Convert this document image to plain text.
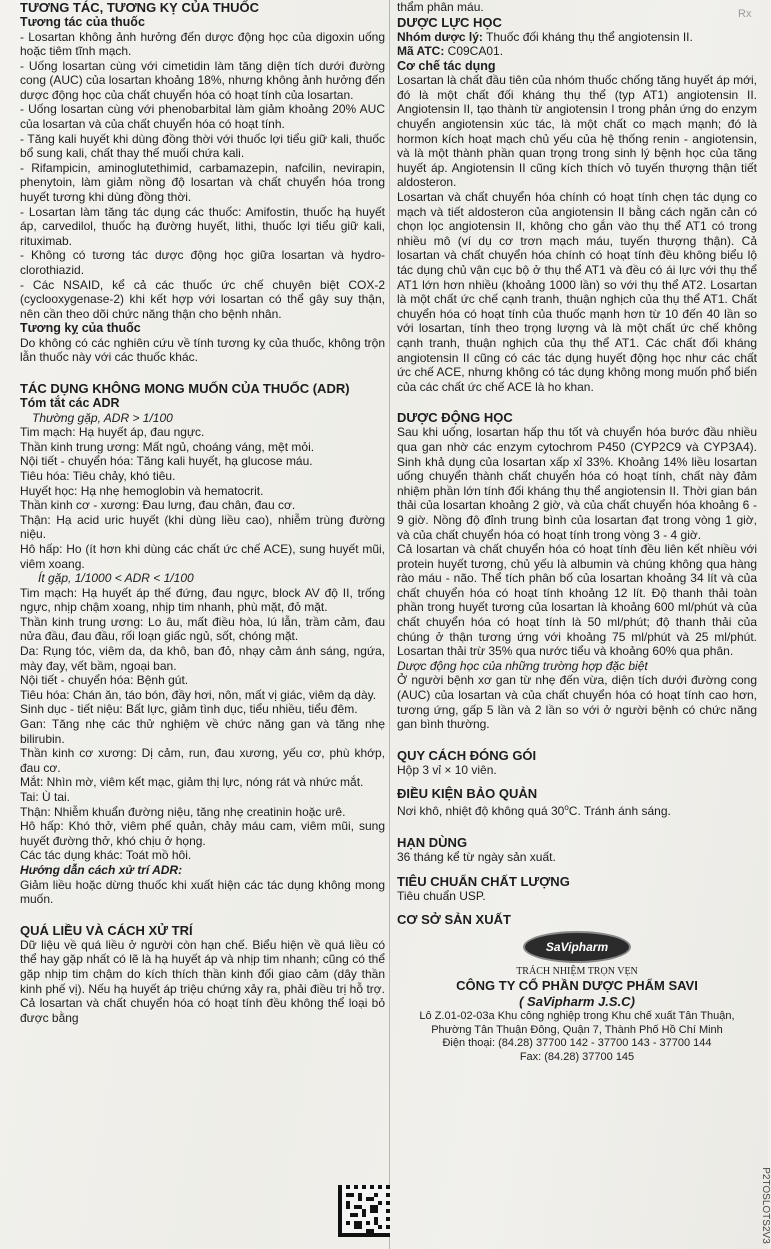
Rx

TƯƠNG TÁC, TƯƠNG KỴ CỦA THUỐC

Tương tác của thuốc

- Losartan không ảnh hưởng đến dược động học của digoxin uống hoặc tiêm tĩnh mạch.

- Uống losartan cùng với cimetidin làm tăng diện tích dưới đường cong (AUC) của losartan khoảng 18%, nhưng không ảnh hưởng đến dược động học của chất chuyển hóa có hoạt tính của losartan.

- Uống losartan cùng với phenobarbital làm giảm khoảng 20% AUC của losartan và của chất chuyển hóa có hoạt tính.

- Tăng kali huyết khi dùng đồng thời với thuốc lợi tiểu giữ kali, thuốc bổ sung kali, chất thay thế muối chứa kali.

- Rifampicin, aminoglutethimid, carbamazepin, nafcilin, nevirapin, phenytoin, làm giảm nồng độ losartan và chất chuyển hóa trong huyết tương khi dùng đồng thời.

- Losartan làm tăng tác dụng các thuốc: Amifostin, thuốc hạ huyết áp, carvedilol, thuốc hạ đường huyết, lithi, thuốc lợi tiểu giữ kali, rituximab.

- Không có tương tác dược động học giữa losartan và hydro-clorothiazid.

- Các NSAID, kể cả các thuốc ức chế chuyên biệt COX-2 (cyclooxygenase-2) khi kết hợp với losartan có thể gây suy thận, nên cần theo dõi chức năng thận cho bệnh nhân.

Tương kỵ của thuốc

Do không có các nghiên cứu về tính tương kỵ của thuốc, không trộn lẫn thuốc này với các thuốc khác.

TÁC DỤNG KHÔNG MONG MUỐN CỦA THUỐC (ADR)

Tóm tắt các ADR

Thường gặp, ADR > 1/100

Tim mạch: Hạ huyết áp, đau ngực.

Thần kinh trung ương: Mất ngủ, choáng váng, mệt mỏi.

Nội tiết - chuyển hóa: Tăng kali huyết, hạ glucose máu.

Tiêu hóa: Tiêu chảy, khó tiêu.

Huyết học: Hạ nhẹ hemoglobin và hematocrit.

Thần kinh cơ - xương: Đau lưng, đau chân, đau cơ.

Thận: Hạ acid uric huyết (khi dùng liều cao), nhiễm trùng đường niệu.

Hô hấp: Ho (ít hơn khi dùng các chất ức chế ACE), sung huyết mũi, viêm xoang.

Ít gặp, 1/1000 < ADR < 1/100

Tim mạch: Hạ huyết áp thế đứng, đau ngực, block AV độ II, trống ngực, nhịp chậm xoang, nhịp tim nhanh, phù mặt, đỏ mặt.

Thần kinh trung ương: Lo âu, mất điều hòa, lú lẫn, trầm cảm, đau nửa đầu, đau đầu, rối loạn giấc ngủ, sốt, chóng mặt.

Da: Rụng tóc, viêm da, da khô, ban đỏ, nhạy cảm ánh sáng, ngứa, mày đay, vết bầm, ngoại ban.

Nội tiết - chuyển hóa: Bệnh gút.

Tiêu hóa: Chán ăn, táo bón, đầy hơi, nôn, mất vị giác, viêm dạ dày.

Sinh dục - tiết niệu: Bất lực, giảm tình dục, tiểu nhiều, tiểu đêm.

Gan: Tăng nhẹ các thử nghiệm về chức năng gan và tăng nhẹ bilirubin.

Thần kinh cơ xương: Dị cảm, run, đau xương, yếu cơ, phù khớp, đau cơ.

Mắt: Nhìn mờ, viêm kết mạc, giảm thị lực, nóng rát và nhức mắt.

Tai: Ù tai.

Thận: Nhiễm khuẩn đường niệu, tăng nhẹ creatinin hoặc urê.

Hô hấp: Khó thở, viêm phế quản, chảy máu cam, viêm mũi, sung huyết đường thở, khó chịu ở họng.

Các tác dụng khác: Toát mồ hôi.

Hướng dẫn cách xử trí ADR:

Giảm liều hoặc dừng thuốc khi xuất hiện các tác dụng không mong muốn.

QUÁ LIỀU VÀ CÁCH XỬ TRÍ

Dữ liệu về quá liều ở người còn hạn chế. Biểu hiện về quá liều có thể hay gặp nhất có lẽ là hạ huyết áp và nhịp tim nhanh; cũng có thể gặp nhịp tim chậm do kích thích thần kinh đối giao cảm (dây thần kinh phế vị). Nếu hạ huyết áp triệu chứng xảy ra, phải điều trị hỗ trợ. Cả losartan và chất chuyển hóa có hoạt tính đều không thể loại bỏ được bằng

thẩm phân máu.

DƯỢC LỰC HỌC

Nhóm dược lý: Thuốc đối kháng thụ thể angiotensin II.

Mã ATC: C09CA01.

Cơ chế tác dụng

Losartan là chất đầu tiên của nhóm thuốc chống tăng huyết áp mới, đó là một chất đối kháng thụ thể (typ AT1) angiotensin II. Angiotensin II, tạo thành từ angiotensin I trong phản ứng do enzym chuyển angiotensin xúc tác, là một chất co mạch mạnh; đó là hormon kích hoạt mạch chủ yếu của hệ thống renin - angiotensin, và là một thành phần quan trọng trong sinh lý bệnh học của tăng huyết áp. Angiotensin II cũng kích thích vỏ tuyến thượng thận tiết aldosteron.

Losartan và chất chuyển hóa chính có hoạt tính chẹn tác dụng co mạch và tiết aldosteron của angiotensin II bằng cách ngăn cản có chọn lọc angiotensin II, không cho gắn vào thụ thể AT1 có trong nhiều mô (ví dụ cơ trơn mạch máu, tuyến thượng thận). Cả losartan và chất chuyển hóa chính có hoạt tính đều không biểu lộ tác dụng chủ vận cục bộ ở thụ thể AT1 và đều có ái lực với thụ thể AT1 lớn hơn nhiều (khoảng 1000 lần) so với thụ thể AT2. Losartan là một chất ức chế cạnh tranh, thuận nghịch của thụ thể AT1. Chất chuyển hóa có hoạt tính của thuốc mạnh hơn từ 10 đến 40 lần so với losartan, tính theo trọng lượng và là một chất ức chế không cạnh tranh, thuận nghịch của thụ thể AT1. Các chất đối kháng angiotensin II cũng có các tác dụng huyết động học như các chất ức chế ACE, nhưng không có tác dụng không mong muốn phổ biến của các chất ức chế ACE là ho khan.

DƯỢC ĐỘNG HỌC

Sau khi uống, losartan hấp thu tốt và chuyển hóa bước đầu nhiều qua gan nhờ các enzym cytochrom P450 (CYP2C9 và CYP3A4). Sinh khả dụng của losartan xấp xỉ 33%. Khoảng 14% liều losartan uống chuyển thành chất chuyển hóa có hoạt tính, chất này đảm nhiệm phần lớn tính đối kháng thụ thể angiotensin II. Thời gian bán thải của losartan khoảng 2 giờ, và của chất chuyển hóa khoảng 6 - 9 giờ. Nồng độ đỉnh trung bình của losartan đạt trong vòng 1 giờ, và của chất chuyển hóa có hoạt tính trong vòng 3 - 4 giờ.

Cả losartan và chất chuyển hóa có hoạt tính đều liên kết nhiều với protein huyết tương, chủ yếu là albumin và chúng không qua hàng rào máu - não. Thể tích phân bố của losartan khoảng 34 lít và của chất chuyển hóa có hoạt tính khoảng 12 lít. Độ thanh thải toàn phần trong huyết tương của losartan là khoảng 600 ml/phút và của chất chuyển hóa có hoạt tính là 50 ml/phút; độ thanh thải của chúng ở thận tương ứng với khoảng 75 ml/phút và 25 ml/phút. Losartan thải trừ 35% qua nước tiểu và khoảng 60% qua phân.

Dược động học của những trường hợp đặc biệt

Ở người bệnh xơ gan từ nhẹ đến vừa, diện tích dưới đường cong (AUC) của losartan và của chất chuyển hóa có hoạt tính cao hơn, tương ứng, gấp 5 lần và 2 lần so với ở người bệnh có chức năng gan bình thường.

QUY CÁCH ĐÓNG GÓI

Hộp 3 vỉ × 10 viên.

ĐIỀU KIỆN BẢO QUẢN

Nơi khô, nhiệt độ không quá 30$^o$C. Tránh ánh sáng.

HẠN DÙNG

36 tháng kể từ ngày sản xuất.

TIÊU CHUẨN CHẤT LƯỢNG

Tiêu chuẩn USP.

CƠ SỞ SẢN XUẤT

SaVipharm

TRÁCH NHIỆM TRỌN VẸN

CÔNG TY CỔ PHẦN DƯỢC PHẨM SAVI

( SaVipharm J.S.C)

Lô Z.01-02-03a Khu công nghiệp trong Khu chế xuất Tân Thuận,
Phường Tân Thuận Đông, Quận 7, Thành Phố Hồ Chí Minh
Điện thoại: (84.28) 37700 142 - 37700 143 - 37700 144
Fax: (84.28) 37700 145
P2TOSLOTS2V3
